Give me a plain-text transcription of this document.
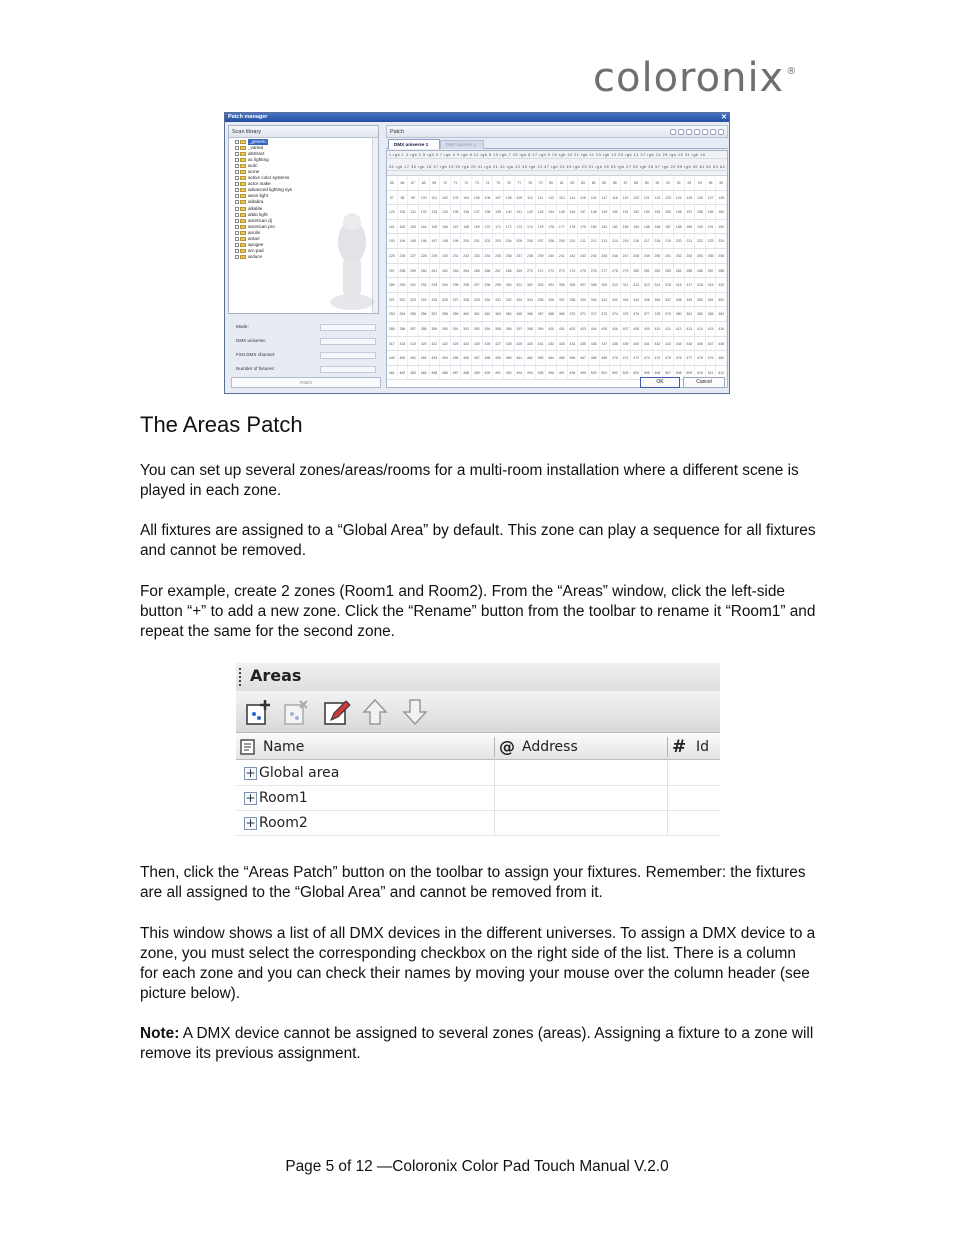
coloronix ®
Patch manager	✕
Scan library
_generic
_varied
abstract
ac lighting
acdc
acme
active color systems
actor make
advanced lighting sys
aeon light
aldabra
alkalite
altdo light
american dj
american pro
anolis
antari
apogee
arc-pad
arduce
Mode:
DMX universe:
First DMX channel:
Number of fixtures:
Patch
Patch
DMX universe 1	DMX universe 2
1 rgb 1 3 rgb 2 5 rgb 3 7 rgb 4 9 rgb 5 11 rgb 6 13 rgb 7 15 rgb 8 17 rgb 9 19 rgb 10 21 rgb 11 23 rgb 12 25 rgb 13 27 rgb 14 29 rgb 15 31 rgb 16
33 rgb 17 35 rgb 18 37 rgb 19 39 rgb 20 41 rgb 21 43 rgb 22 45 rgb 23 47 rgb 24 49 rgb 25 51 rgb 26 53 rgb 27 55 rgb 28 57 rgb 29 59 rgb 30 61 62 63 64
65	66	67	68	69	70	71	72	73	74	75	76	77	78	79	80	81	82	83	84	85	86	87	88	89	90	91	92	93	94	95	96
97	98	99	100	101	102	103	104	105	106	107	108	109	110	111	112	113	114	115	116	117	118	119	120	121	122	123	124	125	126	127	128
129	130	131	132	133	134	135	136	137	138	139	140	141	142	143	144	145	146	147	148	149	150	151	152	153	154	155	156	157	158	159	160
161	162	163	164	165	166	167	168	169	170	171	172	173	174	175	176	177	178	179	180	181	182	183	184	185	186	187	188	189	190	191	192
193	194	195	196	197	198	199	200	201	202	203	204	205	206	207	208	209	210	211	212	213	214	215	216	217	218	219	220	221	222	223	224
225	226	227	228	229	230	231	232	233	234	235	236	237	238	239	240	241	242	243	244	245	246	247	248	249	250	251	252	253	254	255	256
257	258	259	260	261	262	263	264	265	266	267	268	269	270	271	272	273	274	275	276	277	278	279	280	281	282	283	284	285	286	287	288
289	290	291	292	293	294	295	296	297	298	299	300	301	302	303	304	305	306	307	308	309	310	311	312	313	314	315	316	317	318	319	320
321	322	323	324	325	326	327	328	329	330	331	332	333	334	335	336	337	338	339	340	341	342	343	344	345	346	347	348	349	350	351	352
353	354	355	356	357	358	359	360	361	362	363	364	365	366	367	368	369	370	371	372	373	374	375	376	377	378	379	380	381	382	383	384
385	386	387	388	389	390	391	392	393	394	395	396	397	398	399	400	401	402	403	404	405	406	407	408	409	410	411	412	413	414	415	416
417	418	419	420	421	422	423	424	425	426	427	428	429	430	431	432	433	434	435	436	437	438	439	440	441	442	443	444	445	446	447	448
449	450	451	452	453	454	455	456	457	458	459	460	461	462	463	464	465	466	467	468	469	470	471	472	473	474	475	476	477	478	479	480
481	482	483	484	485	486	487	488	489	490	491	492	493	494	495	496	497	498	499	500	501	502	503	504	505	506	507	508	509	510	511	512
OK	Cancel
The Areas Patch

You can set up several zones/areas/rooms for a multi-room installation where a different scene is played in each zone.

All fixtures are assigned to a “Global Area” by default. This zone can play a sequence for all fixtures and cannot be removed.

For example, create 2 zones (Room1 and Room2). From the “Areas” window, click the left-side button “+” to add a new zone. Click the “Rename” button from the toolbar to rename it “Room1” and repeat the same for the second zone.

Areas
Name	@ Address	# Id
+ Global area
+ Room1
+ Room2

Then, click the “Areas Patch” button on the toolbar to assign your fixtures. Remember: the fixtures are all assigned to the “Global Area” and cannot be removed from it.

This window shows a list of all DMX devices in the different universes. To assign a DMX device to a zone, you must select the corresponding checkbox on the right side of the list. There is a column for each zone and you can check their names by moving your mouse over the column header (see picture below).

Note: A DMX device cannot be assigned to several zones (areas). Assigning a fixture to a zone will remove its previous assignment.

Page 5 of 12 —Coloronix Color Pad Touch Manual V.2.0
